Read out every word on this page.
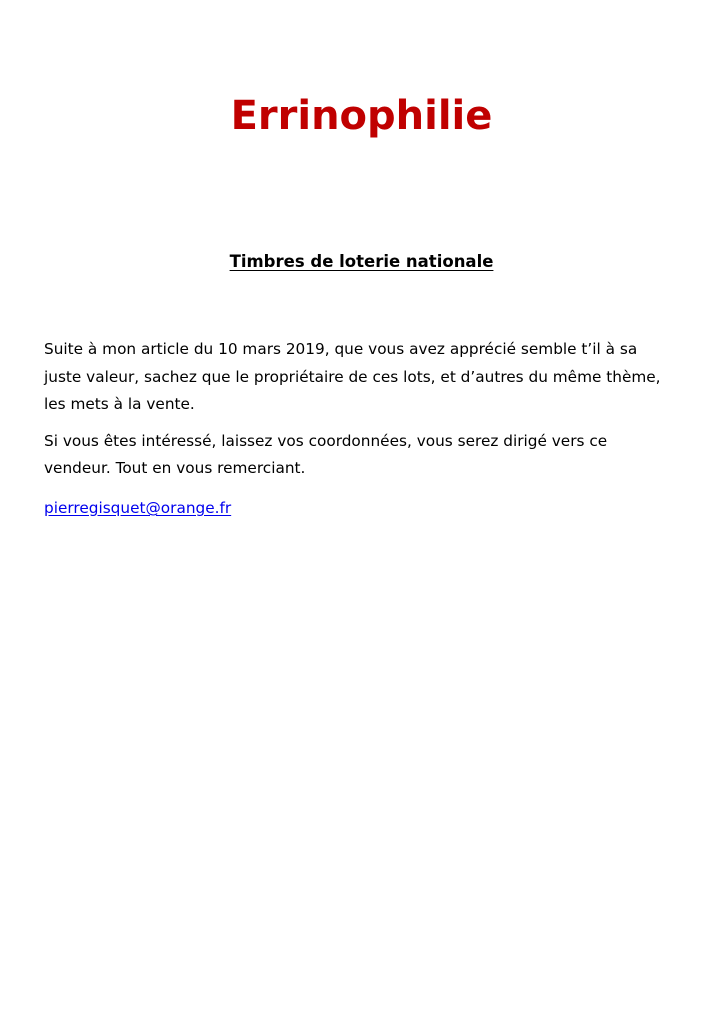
Errinophilie
Timbres de loterie nationale

Suite à mon article du 10 mars 2019, que vous avez apprécié semble t’il à sa
juste valeur, sachez que le propriétaire de ces lots, et d’autres du même thème,
les mets à la vente.

Si vous êtes intéressé, laissez vos coordonnées, vous serez dirigé vers ce
vendeur. Tout en vous remerciant.

pierregisquet@orange.fr
